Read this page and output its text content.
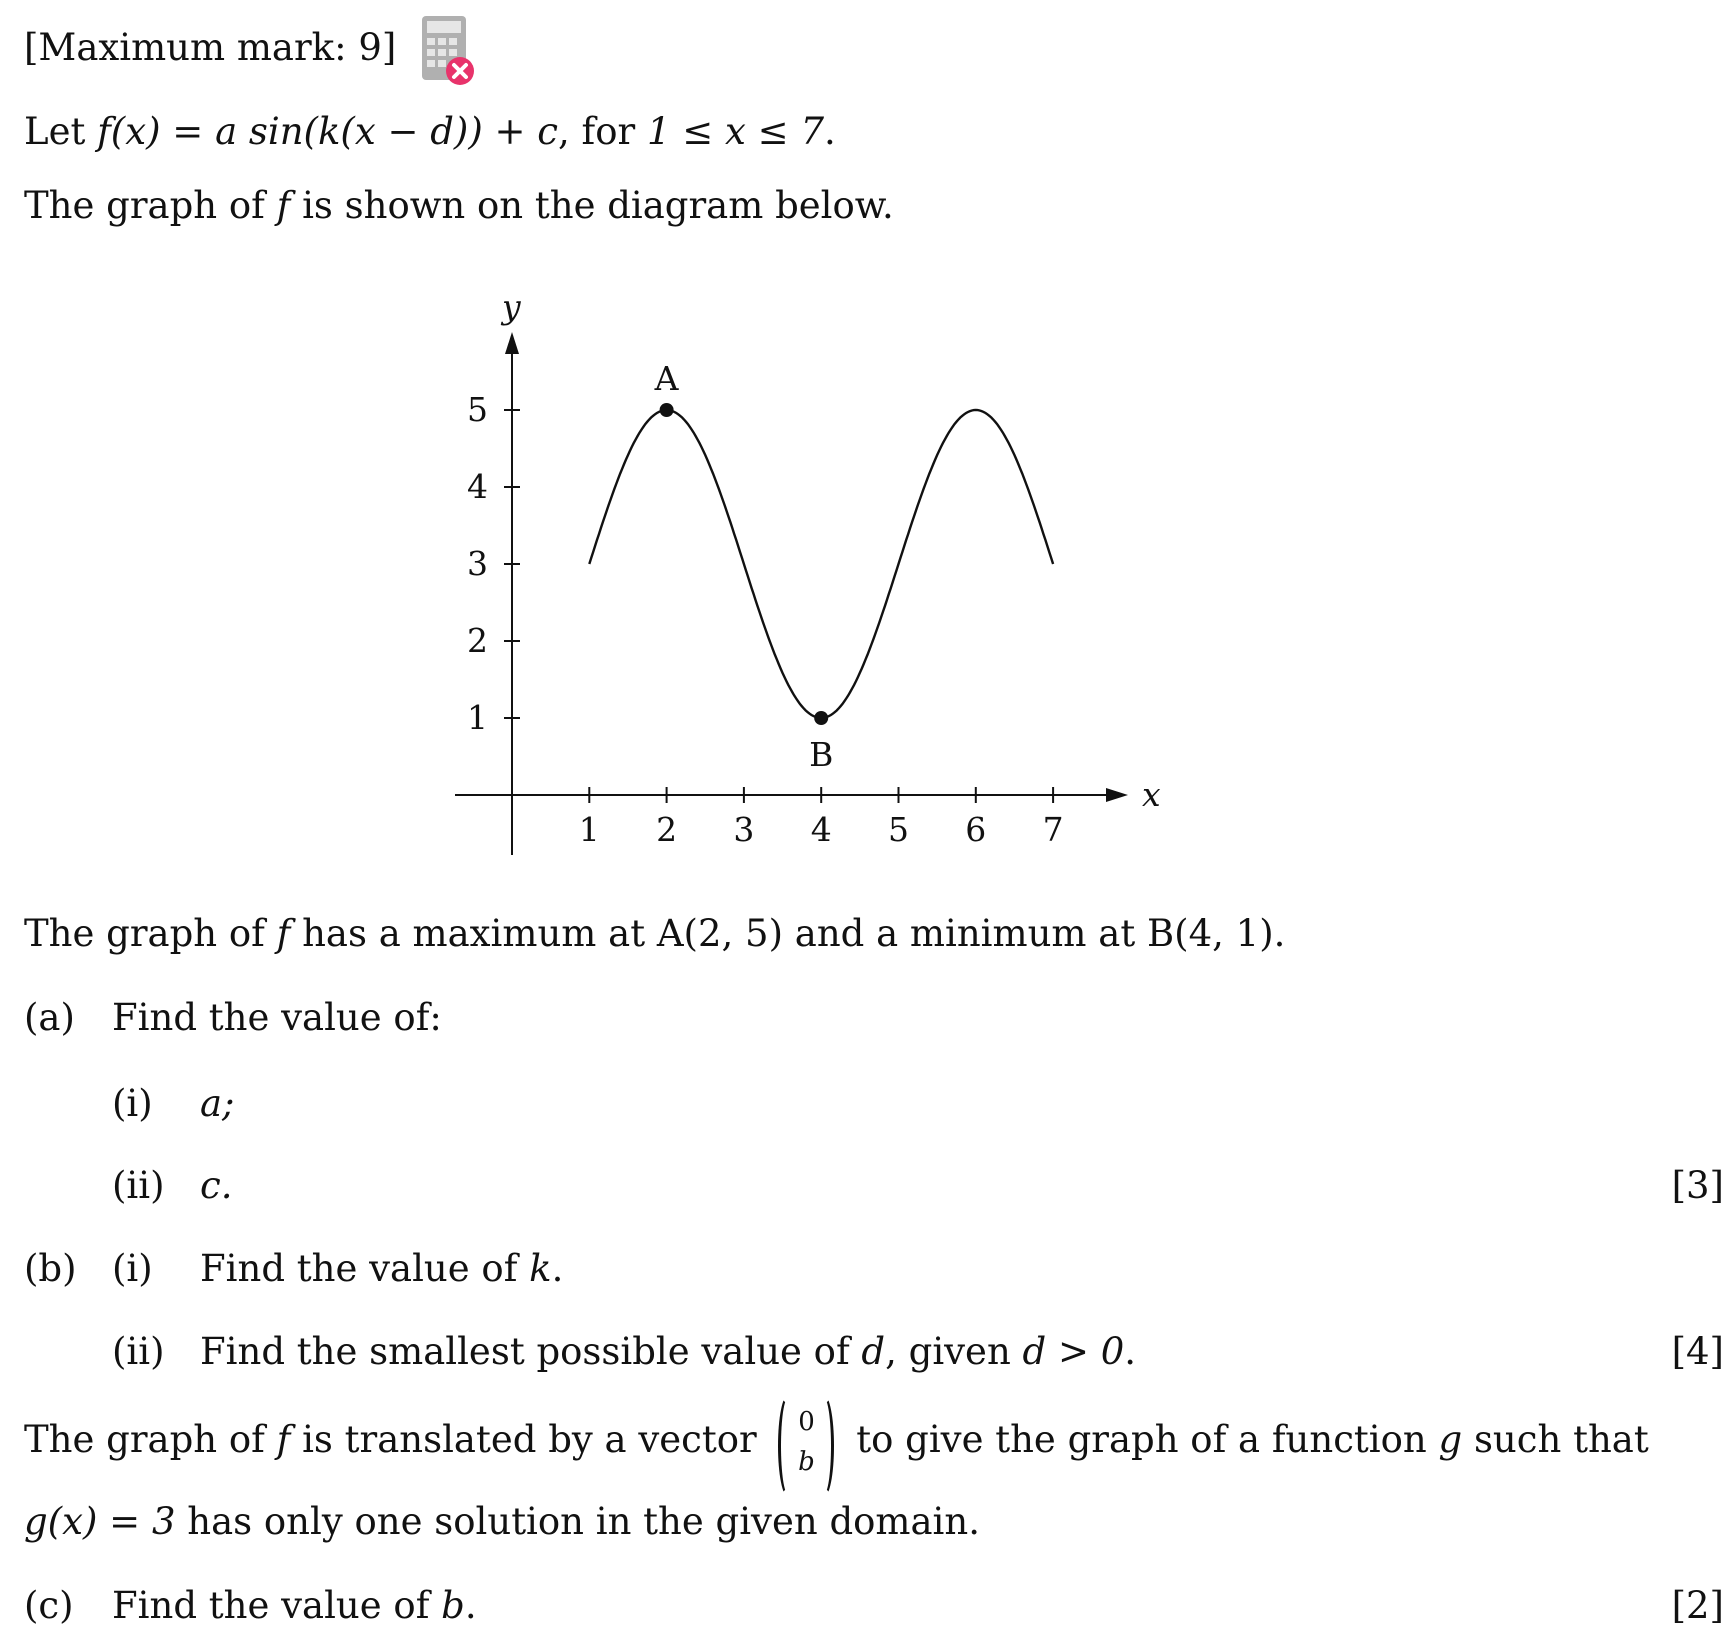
[Maximum mark: 9]
Let f(x) = a sin(k(x − d)) + c, for 1 ≤ x ≤ 7.
The graph of f is shown on the diagram below.
x
y
1 2 3 4 5 6 7
1
2
3
4
5
A
B
The graph of f has a maximum at A(2, 5) and a minimum at B(4, 1).
(a) Find the value of:
(i) a;
(ii) c.	[3]
(b) (i) Find the value of k.
(ii) Find the smallest possible value of d, given d > 0.	[4]
The graph of f is translated by a vector	0
b
to give the graph of a function g such that
g(x) = 3 has only one solution in the given domain.
(c) Find the value of b.	[2]
